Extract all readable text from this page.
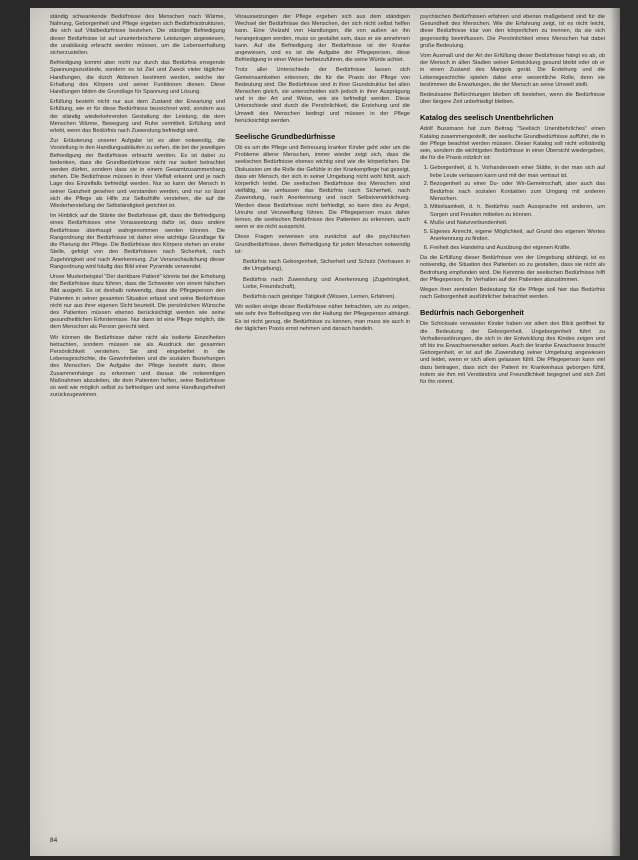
ständig schwankende Bedürfnisse des Menschen nach Wärme, Nahrung, Geborgenheit und Pflege ergeben sich Bedürfnisstrukturen, die sich auf Vitalbedürfnisse beziehen. Die ständige Befriedigung dieser Bedürfnisse ist auf ununterbrochene Leistungen angewiesen, die unablässig erbracht werden müssen, um die Lebenserhaltung sicherzustellen.

Befriedigung kommt aber nicht nur durch das Bedürfnis erregende Spannungszustände, sondern es ist Ziel und Zweck vieler täglicher Handlungen, die durch Aktionen bestimmt werden, welche der Erhaltung des Körpers und seiner Funktionen dienen. Diese Handlungen bilden die Grundlage für Spannung und Lösung.

Erfüllung besteht nicht nur aus dem Zustand der Erwartung und Erfüllung, wie er für diese Bedürfnisse bezeichnet wird, sondern aus der ständig wiederkehrenden Gestaltung der Leistung, die dem Menschen Wärme, Bewegung und Ruhe vermittelt. Erfüllung wird erlebt, wenn das Bedürfnis nach Zuwendung befriedigt wird.

Zur Erläuterung unserer Aufgabe ist es aber notwendig, die Vorstellung in den Handlungsabläufen zu sehen, die bei der jeweiligen Befriedigung der Bedürfnisse erbracht werden. Es ist dabei zu bedenken, dass die Grundbedürfnisse nicht nur isoliert betrachtet werden dürfen, sondern dass sie in einem Gesamtzusammenhang stehen. Die Bedürfnisse müssen in ihrer Vielfalt erkannt und je nach Lage des Einzelfalls befriedigt werden. Nur so kann der Mensch in seiner Ganzheit gesehen und verstanden werden, und nur so lässt sich die Pflege als Hilfe zur Selbsthilfe verstehen, die auf die Wiederherstellung der Selbständigkeit gerichtet ist.

Im Hinblick auf die Stärke der Bedürfnisse gilt, dass die Befriedigung eines Bedürfnisses eine Voraussetzung dafür ist, dass andere Bedürfnisse überhaupt wahrgenommen werden können. Die Rangordnung der Bedürfnisse ist daher eine wichtige Grundlage für die Planung der Pflege. Die Bedürfnisse des Körpers stehen an erster Stelle, gefolgt von den Bedürfnissen nach Sicherheit, nach Zugehörigkeit und nach Anerkennung. Zur Veranschaulichung dieser Rangordnung wird häufig das Bild einer Pyramide verwendet.

Unser Musterbeispiel "Der dankbare Patient" könnte bei der Erhebung der Bedürfnisse dazu führen, dass die Schwester von einem falschen Bild ausgeht. Es ist deshalb notwendig, dass die Pflegeperson den Patienten in seiner gesamten Situation erfasst und seine Bedürfnisse nicht nur aus ihrer eigenen Sicht beurteilt. Die persönlichen Wünsche des Patienten müssen ebenso berücksichtigt werden wie seine gesundheitlichen Erfordernisse. Nur dann ist eine Pflege möglich, die dem Menschen als Person gerecht wird.

Wir können die Bedürfnisse daher nicht als isolierte Einzelheiten betrachten, sondern müssen sie als Ausdruck der gesamten Persönlichkeit verstehen. Sie sind eingebettet in die Lebensgeschichte, die Gewohnheiten und die sozialen Beziehungen des Menschen. Die Aufgabe der Pflege besteht darin, diese Zusammenhänge zu erkennen und daraus die notwendigen Maßnahmen abzuleiten, die dem Patienten helfen, seine Bedürfnisse so weit wie möglich selbst zu befriedigen und seine Handlungsfreiheit zurückzugewinnen.

Voraussetzungen der Pflege ergeben sich aus dem ständigen Wechsel der Bedürfnisse des Menschen, der sich nicht selbst helfen kann. Eine Vielzahl von Handlungen, die von außen an ihn herangetragen werden, muss so gestaltet sein, dass er sie annehmen kann. Auf die Befriedigung der Bedürfnisse ist der Kranke angewiesen, und es ist die Aufgabe der Pflegeperson, diese Befriedigung in einer Weise herbeizuführen, die seine Würde achtet.

Trotz aller Unterschiede der Bedürfnisse lassen sich Gemeinsamkeiten erkennen, die für die Praxis der Pflege von Bedeutung sind. Die Bedürfnisse sind in ihrer Grundstruktur bei allen Menschen gleich, sie unterscheiden sich jedoch in ihrer Ausprägung und in der Art und Weise, wie sie befriedigt werden. Diese Unterschiede sind durch die Persönlichkeit, die Erziehung und die Umwelt des Menschen bedingt und müssen in der Pflege berücksichtigt werden.

Seelische Grundbedürfnisse

Ob es um die Pflege und Betreuung kranker Kinder geht oder um die Probleme älterer Menschen, immer wieder zeigt sich, dass die seelischen Bedürfnisse ebenso wichtig sind wie die körperlichen. Die Diskussion um die Rolle der Gefühle in der Krankenpflege hat gezeigt, dass ein Mensch, der sich in seiner Umgebung nicht wohl fühlt, auch körperlich leidet. Die seelischen Bedürfnisse des Menschen sind vielfältig, sie umfassen das Bedürfnis nach Sicherheit, nach Zuwendung, nach Anerkennung und nach Selbstverwirklichung. Werden diese Bedürfnisse nicht befriedigt, so kann dies zu Angst, Unruhe und Verzweiflung führen. Die Pflegeperson muss daher lernen, die seelischen Bedürfnisse des Patienten zu erkennen, auch wenn er sie nicht ausspricht.

Diese Fragen verweisen uns zunächst auf die psychischen Grundbedürfnisse, deren Befriedigung für jeden Menschen notwendig ist:

Bedürfnis nach Geborgenheit, Sicherheit und Schutz (Vertrauen in die Umgebung),

Bedürfnis nach Zuwendung und Anerkennung (Zugehörigkeit, Liebe, Freundschaft),

Bedürfnis nach geistiger Tätigkeit (Wissen, Lernen, Erfahren).

Wir wollen einige dieser Bedürfnisse näher betrachten, um zu zeigen, wie sehr ihre Befriedigung von der Haltung der Pflegeperson abhängt. Es ist nicht genug, die Bedürfnisse zu kennen, man muss sie auch in der täglichen Praxis ernst nehmen und danach handeln.

psychischen Bedürfnissen erfahren und ebenso maßgebend sind für die Gesundheit des Menschen. Wie die Erfahrung zeigt, ist es nicht leicht, diese Bedürfnisse klar von den körperlichen zu trennen, da sie sich gegenseitig beeinflussen. Die Persönlichkeit eines Menschen hat dabei große Bedeutung.

Vom Ausmaß und der Art der Erfüllung dieser Bedürfnisse hängt es ab, ob der Mensch in allen Stadien seiner Entwicklung gesund bleibt oder ob er in einen Zustand des Mangels gerät. Die Erziehung und die Lebensgeschichte spielen dabei eine wesentliche Rolle, denn sie bestimmen die Erwartungen, die der Mensch an seine Umwelt stellt.

Bedeutsame Befürchtungen bleiben oft bestehen, wenn die Bedürfnisse über längere Zeit unbefriedigt bleiben.

Katalog des seelisch Unentbehrlichen

Adolf Bussmann hat zum Beitrag "Seelisch Unentbehrliches" einen Katalog zusammengestellt, der seelische Grundbedürfnisse aufführt, die in der Pflege beachtet werden müssen. Dieser Katalog soll nicht vollständig sein, sondern die wichtigsten Bedürfnisse in einer Übersicht wiedergeben, die für die Praxis nützlich ist:

1. Geborgenheit, d. h. Vorhandensein einer Stätte, in der man sich auf liebe Leute verlassen kann und mit der man vertraut ist.
2. Bezogenheit zu einer Du- oder Wir-Gemeinschaft, aber auch das Bedürfnis nach sozialen Kontakten zum Umgang mit anderen Menschen.
3. Mitteilsamkeit, d. h. Bedürfnis nach Aussprache mit anderen, um Sorgen und Freuden mitteilen zu können.
4. Muße und Naturverbundenheit.
5. Eigenes Anrecht, eigene Möglichkeit, auf Grund des eigenen Wertes Anerkennung zu finden.
6. Freiheit des Handelns und Ausübung der eigenen Kräfte.

Da die Erfüllung dieser Bedürfnisse von der Umgebung abhängt, ist es notwendig, die Situation des Patienten so zu gestalten, dass sie nicht als Bedrohung empfunden wird. Die Kenntnis der seelischen Bedürfnisse hilft der Pflegeperson, ihr Verhalten auf den Patienten abzustimmen.

Wegen ihrer zentralen Bedeutung für die Pflege soll hier das Bedürfnis nach Geborgenheit ausführlicher betrachtet werden.

Bedürfnis nach Geborgenheit

Die Schicksale verwaister Kinder haben vor allem den Blick geöffnet für die Bedeutung der Geborgenheit. Ungeborgenheit führt zu Verhaltensstörungen, die sich in der Entwicklung des Kindes zeigen und oft bis ins Erwachsenenalter wirken. Auch der kranke Erwachsene braucht Geborgenheit, er ist auf die Zuwendung seiner Umgebung angewiesen und leidet, wenn er sich allein gelassen fühlt. Die Pflegeperson kann viel dazu beitragen, dass sich der Patient im Krankenhaus geborgen fühlt, indem sie ihm mit Verständnis und Freundlichkeit begegnet und sich Zeit für ihn nimmt.

84
